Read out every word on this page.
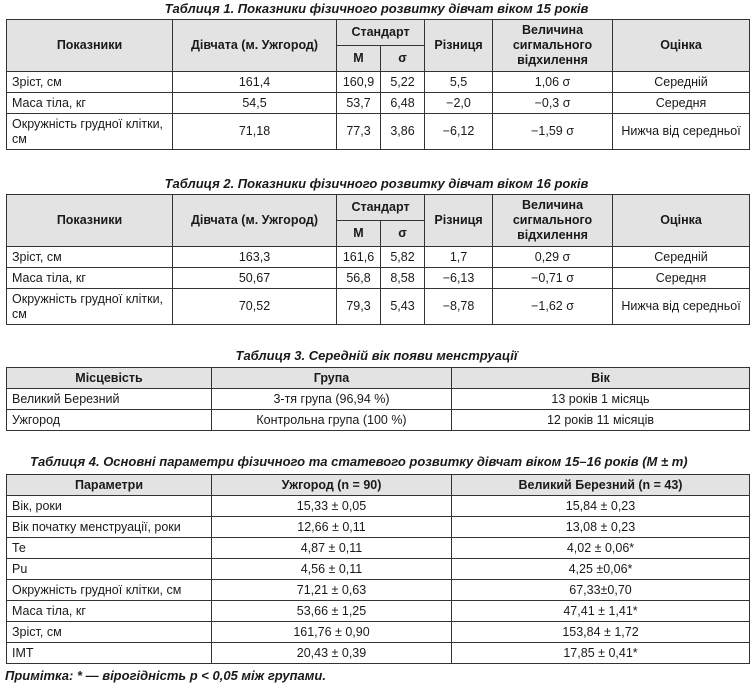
Таблиця 1. Показники фізичного розвитку дівчат віком 15 років
Показники	Дівчата (м. Ужгород)	Стандарт		Різниця	Величина сигмального відхилення	Оцінка
		М	σ			
Зріст, см	161,4	160,9	5,22	5,5	1,06 σ	Середній
Маса тіла, кг	54,5	53,7	6,48	−2,0	−0,3 σ	Середня
Окружність грудної клітки, см	71,18	77,3	3,86	−6,12	−1,59 σ	Нижча від середньої
Таблиця 2. Показники фізичного розвитку дівчат віком 16 років
Показники	Дівчата (м. Ужгород)	Стандарт		Різниця	Величина сигмального відхилення	Оцінка
		М	σ			
Зріст, см	163,3	161,6	5,82	1,7	0,29 σ	Середній
Маса тіла, кг	50,67	56,8	8,58	−6,13	−0,71 σ	Середня
Окружність грудної клітки, см	70,52	79,3	5,43	−8,78	−1,62 σ	Нижча від середньої
Таблиця 3. Середній вік появи менструації
Місцевість	Група	Вік
Великий Березний	3-тя група (96,94 %)	13 років 1 місяць
Ужгород	Контрольна група (100 %)	12 років 11 місяців
Таблиця 4. Основні параметри фізичного та статевого розвитку дівчат віком 15–16 років (M ± m)
Параметри	Ужгород (n = 90)	Великий Березний (n = 43)
Вік, роки	15,33 ± 0,05	15,84 ± 0,23
Вік початку менструації, роки	12,66 ± 0,11	13,08 ± 0,23
Те	4,87 ± 0,11	4,02 ± 0,06*
Pu	4,56 ± 0,11	4,25 ±0,06*
Окружність грудної клітки, см	71,21 ± 0,63	67,33±0,70
Маса тіла, кг	53,66 ± 1,25	47,41 ± 1,41*
Зріст, см	161,76 ± 0,90	153,84 ± 1,72
ІМТ	20,43 ± 0,39	17,85 ± 0,41*
Примітка: * — вірогідність p < 0,05 між групами.
